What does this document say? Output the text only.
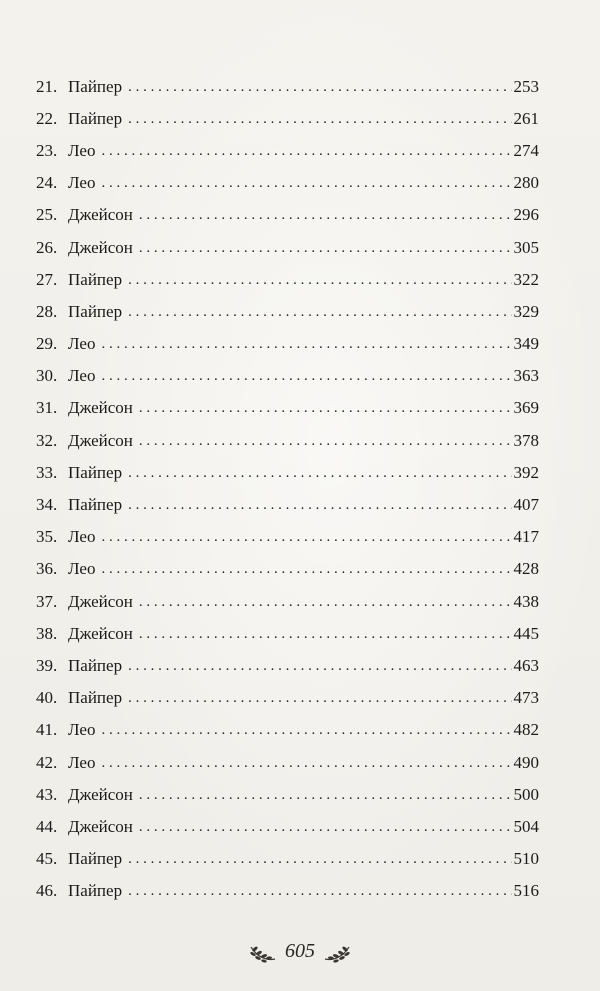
21. Пайпер . . .	253
22. Пайпер . . .	261
23. Лео . . .	274
24. Лео . . .	280
25. Джейсон . . .	296
26. Джейсон . . .	305
27. Пайпер . . .	322
28. Пайпер . . .	329
29. Лео . . .	349
30. Лео . . .	363
31. Джейсон . . .	369
32. Джейсон . . .	378
33. Пайпер . . .	392
34. Пайпер . . .	407
35. Лео . . .	417
36. Лео . . .	428
37. Джейсон . . .	438
38. Джейсон . . .	445
39. Пайпер . . .	463
40. Пайпер . . .	473
41. Лео . . .	482
42. Лео . . .	490
43. Джейсон . . .	500
44. Джейсон . . .	504
45. Пайпер . . .	510
46. Пайпер . . .	516
605
